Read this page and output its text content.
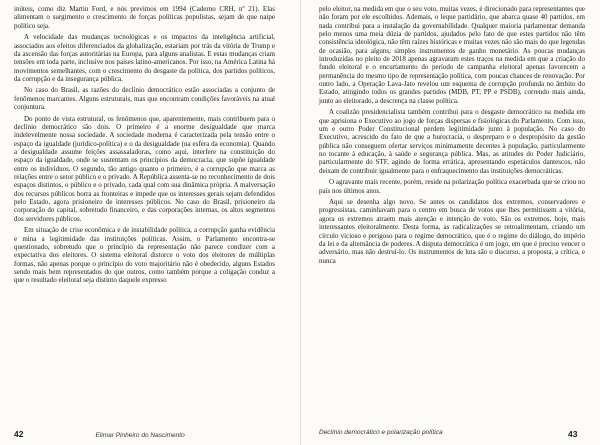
inúteis, como diz Martin Ford, e nós previmos em 1994 (Caderno CRH, nº 21). Elas alimentam o surgimento e crescimento de forças políticas populistas, sejam de que naipe político seja.

A velocidade das mudanças tecnológicas e os impactos da inteligência artificial, associados aos efeitos diferenciados da globalização, estariam por trás da vitória de Trump e da ascensão das forças autoritárias na Europa, para alguns analistas. E estas mudanças criam tensões em toda parte, inclusive nos países latino-americanos. Por isso, na América Latina há movimentos semelhantes, com o crescimento do desgaste da política, dos partidos políticos, da corrupção e da insegurança pública.

No caso do Brasil, as razões do declínio democrático estão associadas a conjunto de fenômenos marcantes. Alguns estruturais, mas que encontram condições favoráveis na atual conjuntura.

Do ponto de vista estrutural, os fenômenos que, aparentemente, mais contribuem para o declínio democrático são dois. O primeiro é a enorme desigualdade que marca indelevelmente nossa sociedade. A sociedade moderna é caracterizada pela tensão entre o espaço da igualdade (jurídico-política) e o da desigualdade (na esfera da economia). Quando a desigualdade assume feições assassaladoras, como aqui, interfere na constituição do espaço da igualdade, onde se sustentam os princípios da democracia, que supõe igualdade entre os indivíduos. O segundo, tão antigo quanto o primeiro, é a corrupção que marca as relações entre o setor público e o privado. A República assenta-se no reconhecimento de dois espaços distintos, o público e o privado, cada qual com sua dinâmica própria. A malversação dos recursos públicos borra as fronteiras e impede que os interesses gerais sejam defendidos pelo Estado, agora prisioneiro de interesses públicos. No caso do Brasil, prisioneiro da corporação do capital, sobretudo financeiro, e das corporações internas, os altos segmentos dos servidores públicos.

Em situação de crise econômica e de instabilidade política, a corrupção ganha evidência e mina a legitimidade das instituições políticas. Assim, o Parlamento encontra-se questionado, sobretudo que o princípio da representação não parece condizer com a expectativa dos eleitores. O sistema eleitoral distorce o voto dos eleitores de múltiplas formas, não apenas porque o princípio do voto majoritário não é obedecido, alguns Estados sendo mais bem representados do que outros, como também porque a coligação conduz a que o resultado eleitoral seja distinto daquele expresso

42	Elimar Pinheiro do Nascimento

pelo eleitor, na medida em que o seu voto, muitas vezes, é direcionado para representantes que não foram por ele escolhidos. Ademais, o leque partidário, que abarca quase 40 partidos, em nada contribui para a instalação da governabilidade. Qualquer maioria parlamentar demanda pelo menos uma meia dúzia de partidos, ajudados pelo fato de que estes partidos não têm consistência ideológica, não têm raízes históricas e muitas vezes não são mais do que legendas de ocasião, para alguns, simples instrumentos de ganho monetário. As poucas mudanças introduzidas no pleito de 2018 apenas agravaram estes traços na medida em que a criação do fundo eleitoral e o encurtamento do período de campanha eleitoral apenas favorecem a permanência do mesmo tipo de representação política, com poucas chances de renovação. Por outro lado, a Operação Lava-Jato revelou um esquema de corrupção profunda no âmbito do Estado, atingindo todos os grandes partidos (MDB, PT, PP e PSDB), correndo mais ainda, junto ao eleitorado, a descrença na classe política.

A coalizão presidencialista também contribui para o desgaste democrático na medida em que aprisiona o Executivo ao jogo de forças dispersas e fisiológicas do Parlamento. Com isso, um e outro Poder Constitucional perdem legitimidade junto à população. No caso do Executivo, acrescido do fato de que a burocracia, o despreparo e o despropósito da gestão pública não conseguem ofertar serviços minimamente decentes à população, particularmente no tocante à educação, à saúde e segurança pública. Mas, as atitudes do Poder Judiciário, particularmente do STF, agindo de forma errática, apresentando espetáculos dantescos, não deixam de contribuir igualmente para o enfraquecimento das instituições democráticas.

O agravante mais recente, porém, reside na polarização política exacerbada que se criou no país nos últimos anos.

Aqui se desenha algo novo. Se antes os candidatos dos extremos, conservadores e progressistas, caminhavam para o centro em busca de votos que lhes permitissem a vitória, agora os extremos atraem mais atenção e intenção de voto. São os extremos, hoje, mais interessantes eleitoralmente. Desta forma, as radicalizações se retroalimentam, criando um círculo vicioso e perigoso para o regime democrático, que é o regime do diálogo, do império da lei e da alternância de poderes. A disputa democrática é um jogo, em que é preciso vencer o adversário, mas não destruí-lo. Os instrumentos de luta são o discurso, a proposta, a crítica, e nunca

Declínio democrático e polarização política	43
